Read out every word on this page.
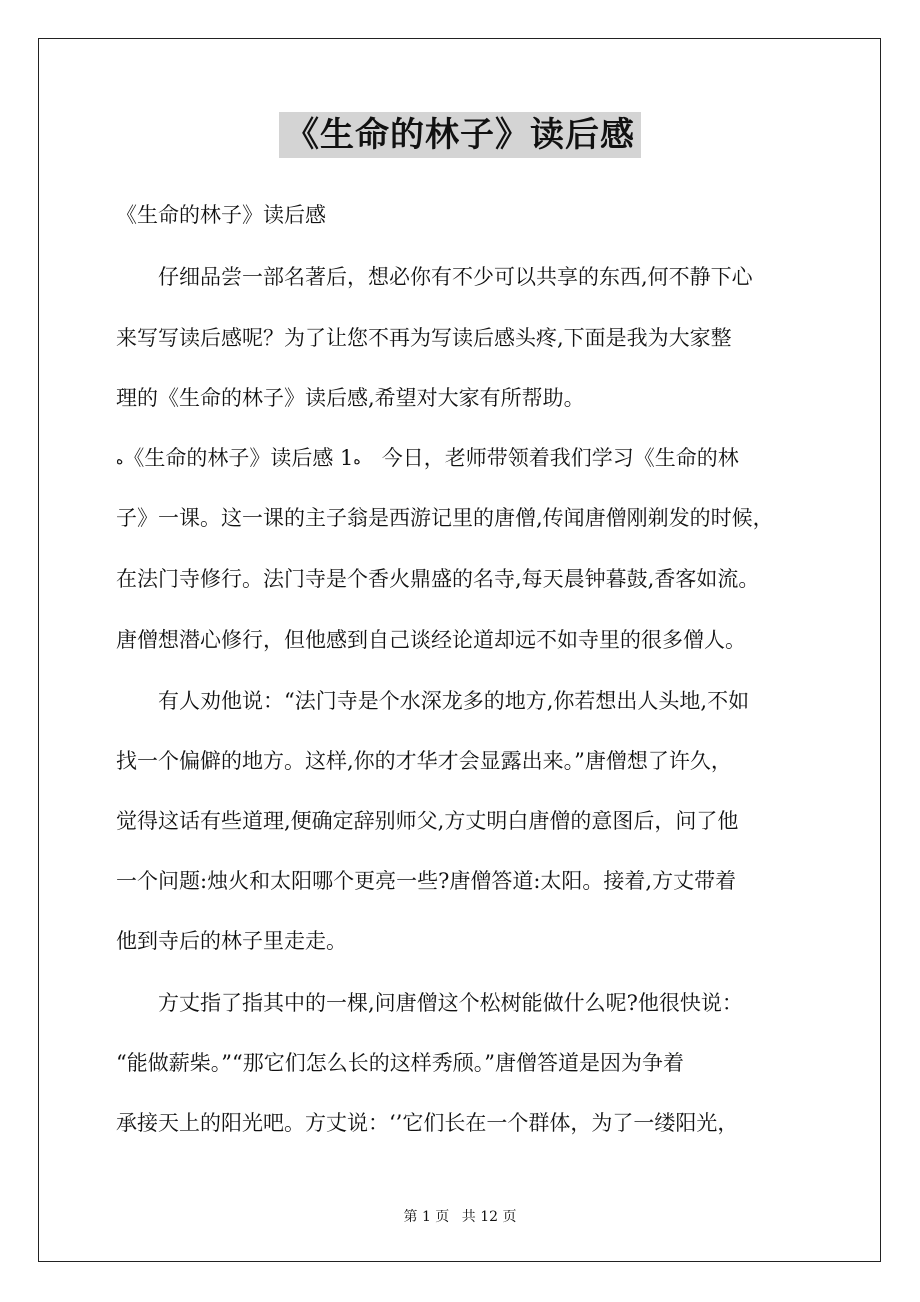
《生命的林子》读后感
《生命的林子》读后感
　　仔细品尝一部名著后，想必你有不少可以共享的东西,何不静下心
来写写读后感呢？为了让您不再为写读后感头疼,下面是我为大家整
理的《生命的林子》读后感,希望对大家有所帮助。
ه《生命的林子》读后感 1ه　今日，老师带领着我们学习《生命的林
子》一课。这一课的主子翁是西游记里的唐僧,传闻唐僧刚剃发的时候，
在法门寺修行。法门寺是个香火鼎盛的名寺,每天晨钟暮鼓,香客如流。
唐僧想潜心修行，但他感到自己谈经论道却远不如寺里的很多僧人。
　　有人劝他说：“法门寺是个水深龙多的地方,你若想出人头地,不如
找一个偏僻的地方。这样,你的才华才会显露出来。”唐僧想了许久，
觉得这话有些道理,便确定辞别师父,方丈明白唐僧的意图后，问了他
一个问题:烛火和太阳哪个更亮一些?唐僧答道:太阳。接着,方丈带着
他到寺后的林子里走走。
　　方丈指了指其中的一棵,问唐僧这个松树能做什么呢?他很快说：
“能做薪柴。”“那它们怎么长的这样秀颀。”唐僧答道是因为争着
承接天上的阳光吧。方丈说：‘’它们长在一个群体，为了一缕阳光，
第 1 页 共 12 页
